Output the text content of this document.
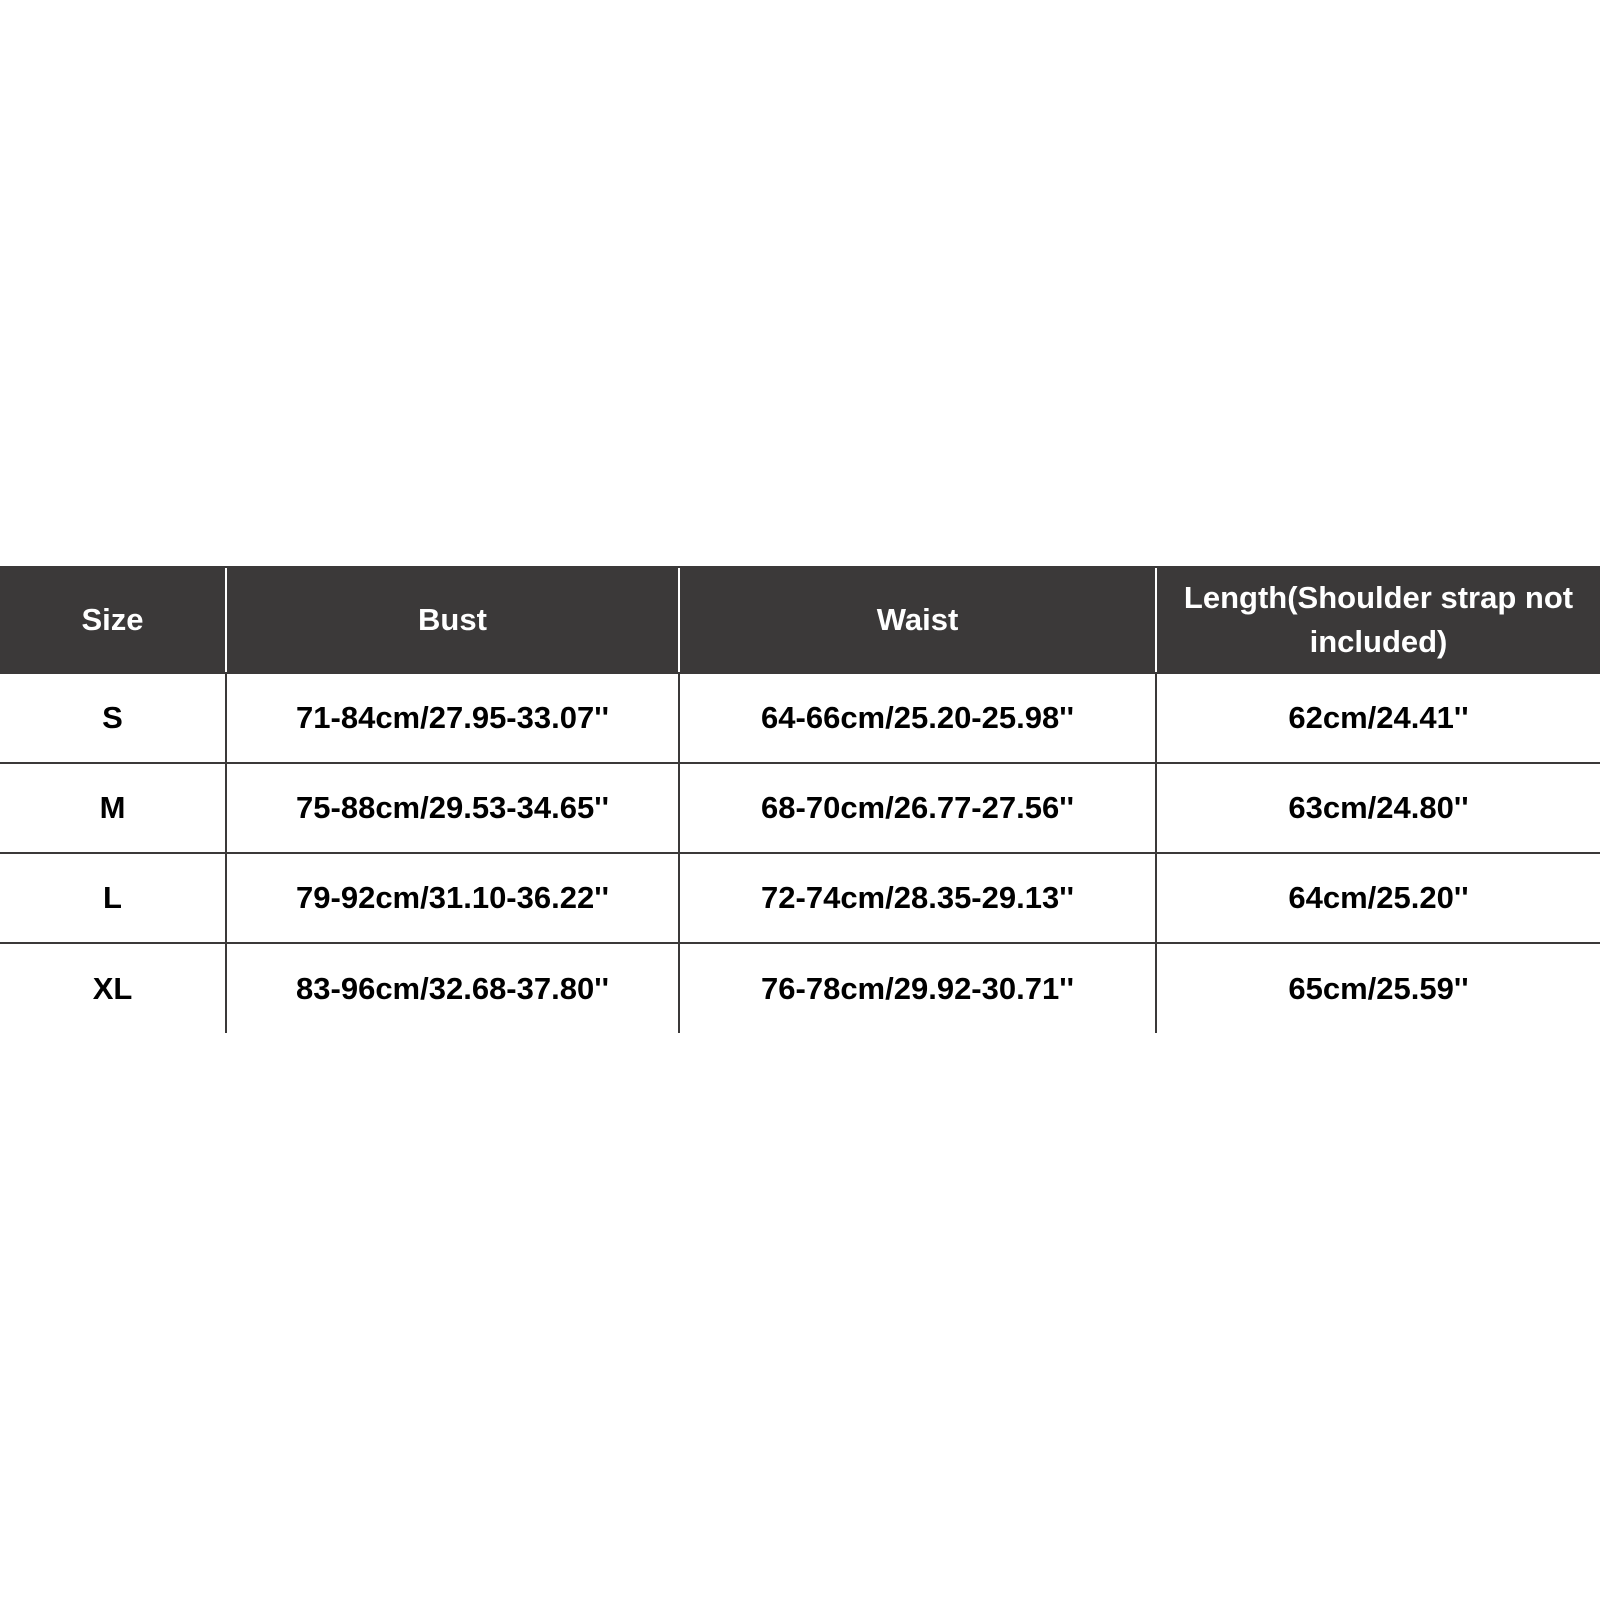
Size	Bust	Waist	Length(Shoulder strap not included)
S	71-84cm/27.95-33.07''	64-66cm/25.20-25.98''	62cm/24.41''
M	75-88cm/29.53-34.65''	68-70cm/26.77-27.56''	63cm/24.80''
L	79-92cm/31.10-36.22''	72-74cm/28.35-29.13''	64cm/25.20''
XL	83-96cm/32.68-37.80''	76-78cm/29.92-30.71''	65cm/25.59''
